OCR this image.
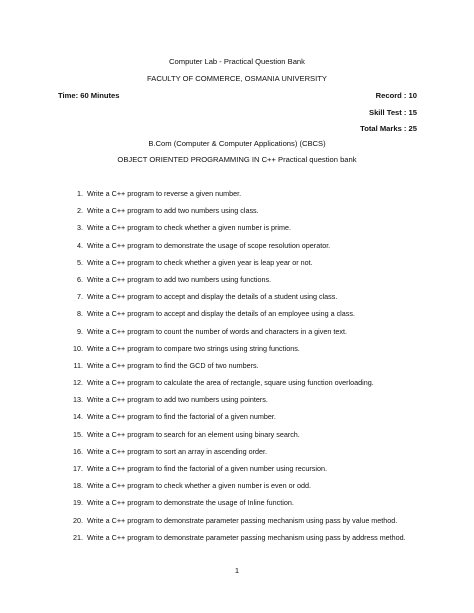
Computer Lab - Practical Question Bank
FACULTY OF COMMERCE, OSMANIA UNIVERSITY
Time: 60 Minutes	Record : 10
Skill Test : 15
Total Marks : 25
B.Com (Computer & Computer Applications) (CBCS)
OBJECT ORIENTED PROGRAMMING IN C++ Practical question bank
1. Write a C++ program to reverse a given number.
2. Write a C++ program to add two numbers using class.
3. Write a C++ program to check whether a given number is prime.
4. Write a C++ program to demonstrate the usage of scope resolution operator.
5. Write a C++ program to check whether a given year is leap year or not.
6. Write a C++ program to add two numbers using functions.
7. Write a C++ program to accept and display the details of a student using class.
8. Write a C++ program to accept and display the details of an employee using a class.
9. Write a C++ program to count the number of words and characters in a given text.
10. Write a C++ program to compare two strings using string functions.
11. Write a C++ program to find the GCD of two numbers.
12. Write a C++ program to calculate the area of rectangle, square using function overloading.
13. Write a C++ program to add two numbers using pointers.
14. Write a C++ program to find the factorial of a given number.
15. Write a C++ program to search for an element using binary search.
16. Write a C++ program to sort an array in ascending order.
17. Write a C++ program to find the factorial of a given number using recursion.
18. Write a C++ program to check whether a given number is even or odd.
19. Write a C++ program to demonstrate the usage of Inline function.
20. Write a C++ program to demonstrate parameter passing mechanism using pass by value method.
21. Write a C++ program to demonstrate parameter passing mechanism using pass by address method.
1
